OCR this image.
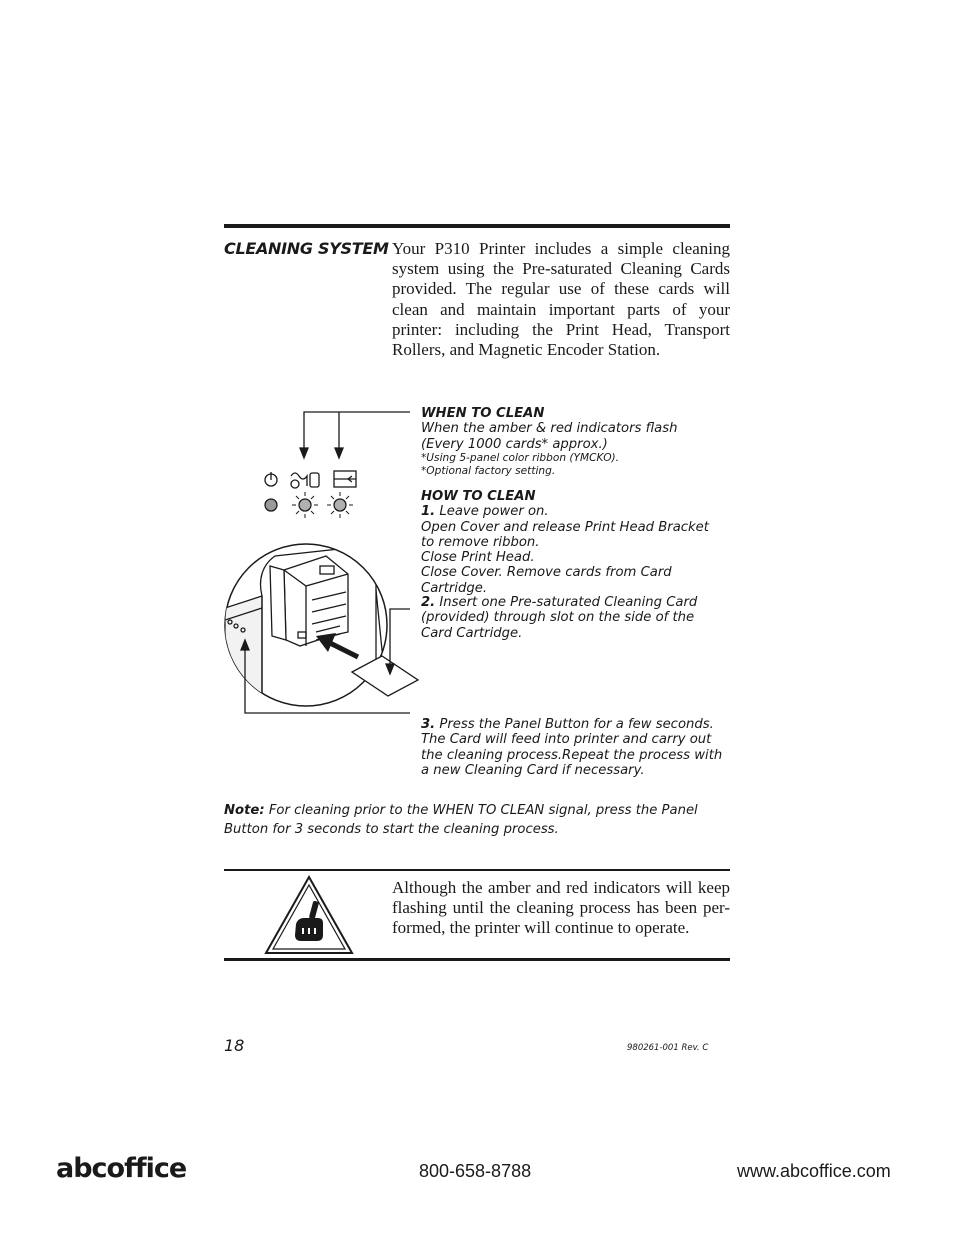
CLEANING SYSTEM Your P310 Printer includes a simple cleaning system using the Pre-saturated Cleaning Cards provided. The regular use of these cards will clean and maintain important parts of your printer: including the Print Head, Transport Rollers, and Magnetic Encoder Station.
WHEN TO CLEAN
When the amber & red indicators flash
(Every 1000 cards* approx.)
*Using 5-panel color ribbon (YMCKO).
*Optional factory setting.
HOW TO CLEAN
1. Leave power on.
Open Cover and release Print Head Bracket
to remove ribbon.
Close Print Head.
Close Cover. Remove cards from Card Cartridge.
2. Insert one Pre-saturated Cleaning Card
(provided) through slot on the side of the
Card Cartridge.
3. Press the Panel Button for a few seconds.
The Card will feed into printer and carry out
the cleaning process.Repeat the process with
a new Cleaning Card if necessary.
Note: For cleaning prior to the WHEN TO CLEAN signal, press the Panel
Button for 3 seconds to start the cleaning process.
Although the amber and red indicators will keep flashing until the cleaning process has been per-formed, the printer will continue to operate.
18	980261-001 Rev. C
abcoffice	800-658-8788	www.abcoffice.com
